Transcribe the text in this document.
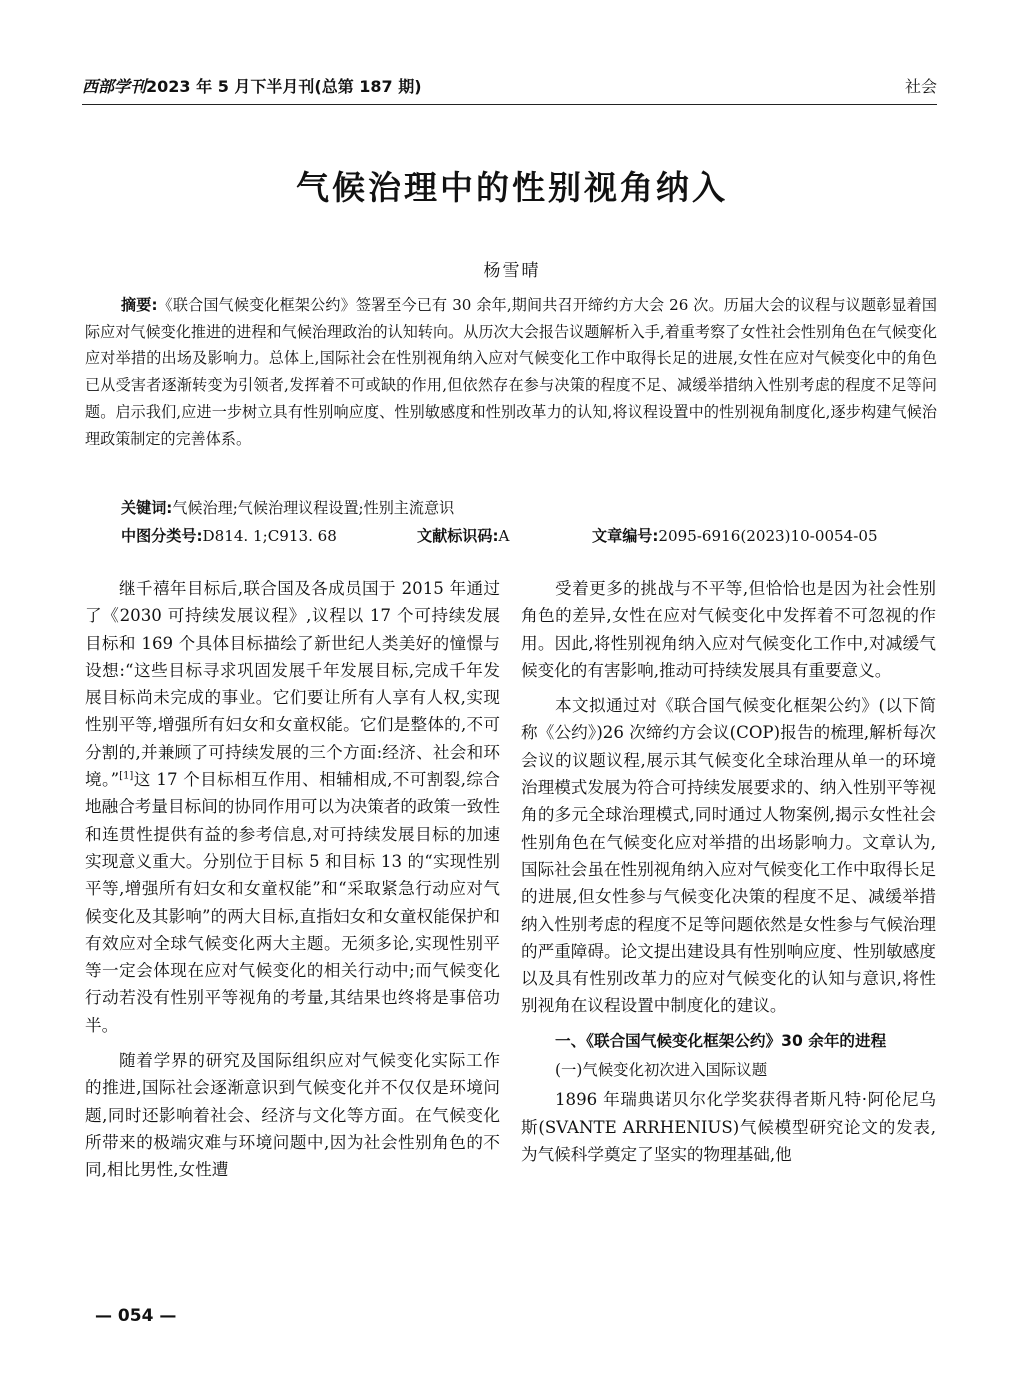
西部学刊2023 年 5 月下半月刊(总第 187 期)	社会
气候治理中的性别视角纳入
杨雪晴
摘要:《联合国气候变化框架公约》签署至今已有 30 余年,期间共召开缔约方大会 26 次。历届大会的议程与议题彰显着国际应对气候变化推进的进程和气候治理政治的认知转向。从历次大会报告议题解析入手,着重考察了女性社会性别角色在气候变化应对举措的出场及影响力。总体上,国际社会在性别视角纳入应对气候变化工作中取得长足的进展,女性在应对气候变化中的角色已从受害者逐渐转变为引领者,发挥着不可或缺的作用,但依然存在参与决策的程度不足、减缓举措纳入性别考虑的程度不足等问题。启示我们,应进一步树立具有性别响应度、性别敏感度和性别改革力的认知,将议程设置中的性别视角制度化,逐步构建气候治理政策制定的完善体系。
关键词:气候治理;气候治理议程设置;性别主流意识
中图分类号:D814. 1;C913. 68	文献标识码:A	文章编号:2095-6916(2023)10-0054-05

继千禧年目标后,联合国及各成员国于 2015 年通过了《2030 可持续发展议程》,议程以 17 个可持续发展目标和 169 个具体目标描绘了新世纪人类美好的憧憬与设想:“这些目标寻求巩固发展千年发展目标,完成千年发展目标尚未完成的事业。它们要让所有人享有人权,实现性别平等,增强所有妇女和女童权能。它们是整体的,不可分割的,并兼顾了可持续发展的三个方面:经济、社会和环境。”[1]这 17 个目标相互作用、相辅相成,不可割裂,综合地融合考量目标间的协同作用可以为决策者的政策一致性和连贯性提供有益的参考信息,对可持续发展目标的加速实现意义重大。分别位于目标 5 和目标 13 的“实现性别平等,增强所有妇女和女童权能”和“采取紧急行动应对气候变化及其影响”的两大目标,直指妇女和女童权能保护和有效应对全球气候变化两大主题。无须多论,实现性别平等一定会体现在应对气候变化的相关行动中;而气候变化行动若没有性别平等视角的考量,其结果也终将是事倍功半。

随着学界的研究及国际组织应对气候变化实际工作的推进,国际社会逐渐意识到气候变化并不仅仅是环境问题,同时还影响着社会、经济与文化等方面。在气候变化所带来的极端灾难与环境问题中,因为社会性别角色的不同,相比男性,女性遭

受着更多的挑战与不平等,但恰恰也是因为社会性别角色的差异,女性在应对气候变化中发挥着不可忽视的作用。因此,将性别视角纳入应对气候变化工作中,对减缓气候变化的有害影响,推动可持续发展具有重要意义。

本文拟通过对《联合国气候变化框架公约》(以下简称《公约》)26 次缔约方会议(COP)报告的梳理,解析每次会议的议题议程,展示其气候变化全球治理从单一的环境治理模式发展为符合可持续发展要求的、纳入性别平等视角的多元全球治理模式,同时通过人物案例,揭示女性社会性别角色在气候变化应对举措的出场影响力。文章认为,国际社会虽在性别视角纳入应对气候变化工作中取得长足的进展,但女性参与气候变化决策的程度不足、减缓举措纳入性别考虑的程度不足等问题依然是女性参与气候治理的严重障碍。论文提出建设具有性别响应度、性别敏感度以及具有性别改革力的应对气候变化的认知与意识,将性别视角在议程设置中制度化的建议。

一、《联合国气候变化框架公约》30 余年的进程

(一)气候变化初次进入国际议题

1896 年瑞典诺贝尔化学奖获得者斯凡特·阿伦尼乌斯(SVANTE ARRHENIUS)气候模型研究论文的发表,为气候科学奠定了坚实的物理基础,他

— 054 —
